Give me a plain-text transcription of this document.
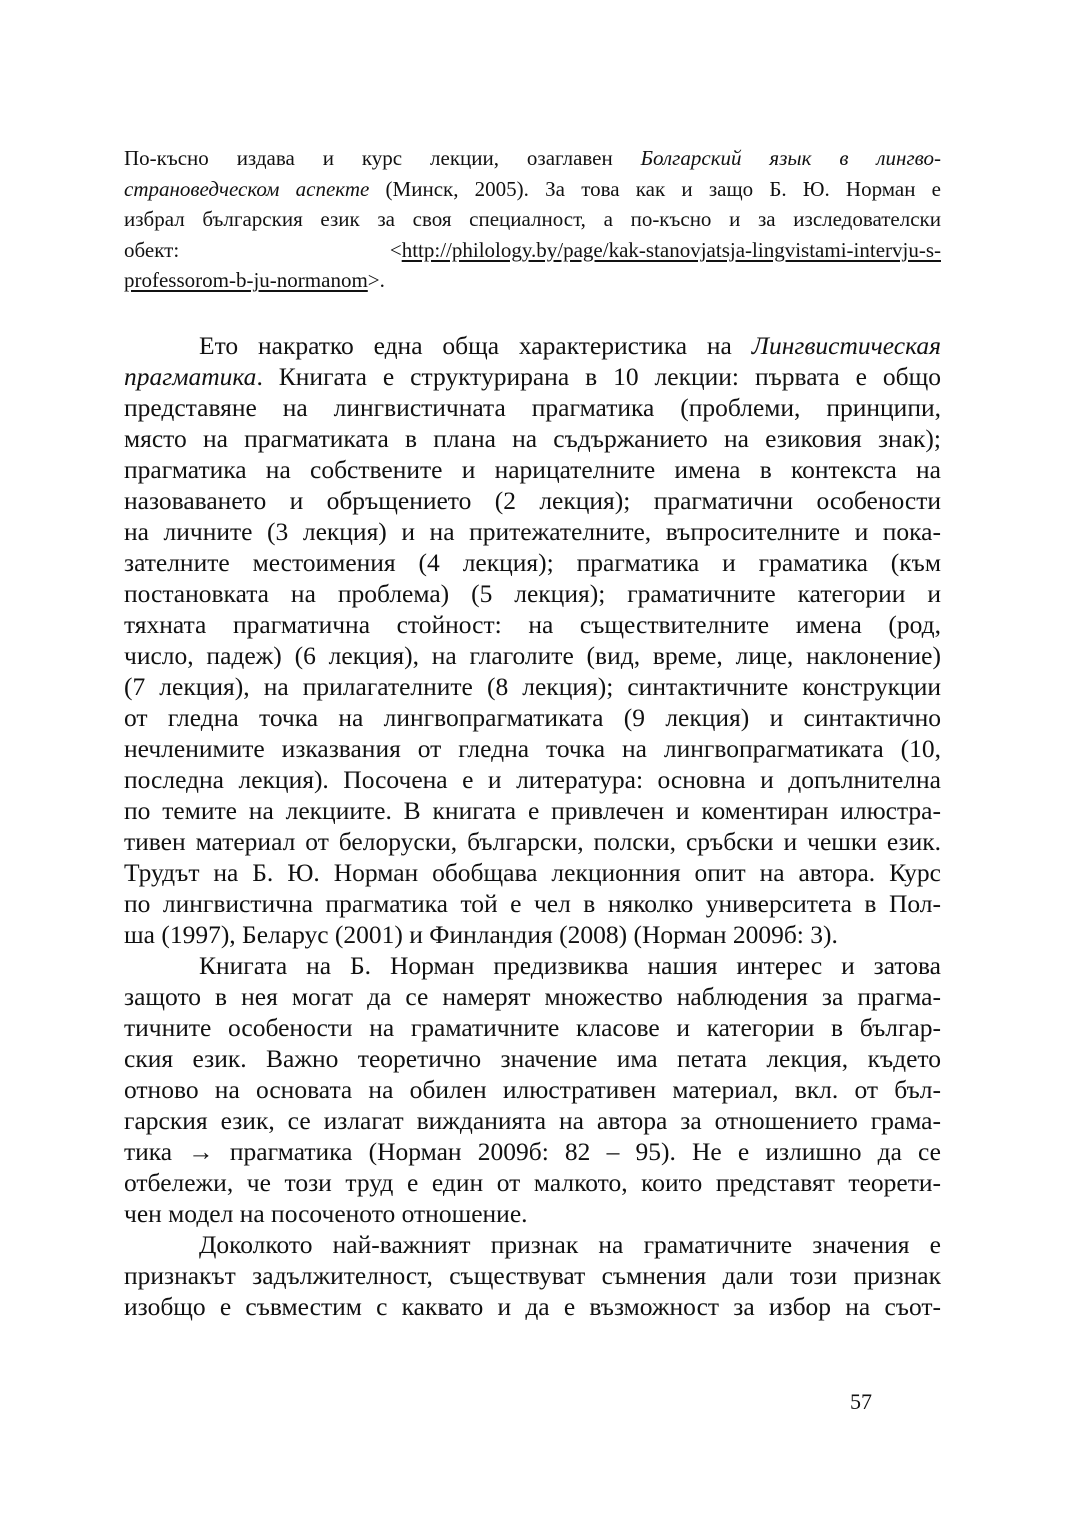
По-късно издава и курс лекции, озаглавен Болгарский язык в лингво-
страноведческом аспекте (Минск, 2005). За това как и защо Б. Ю. Норман е
избрал българския език за своя специалност, а по-късно и за изследователски
обект: <http://philology.by/page/kak-stanovjatsja-lingvistami-intervju-s-
professorom-b-ju-normanom>.
Ето накратко една обща характеристика на Лингвистическая
прагматика. Книгата е структурирана в 10 лекции: първата е общо
представяне на лингвистичната прагматика (проблеми, принципи,
място на прагматиката в плана на съдържанието на езиковия знак);
прагматика на собствените и нарицателните имена в контекста на
назоваването и обръщението (2 лекция); прагматични особености
на личните (3 лекция) и на притежателните, въпросителните и пока-
зателните местоимения (4 лекция); прагматика и граматика (към
постановката на проблема) (5 лекция); граматичните категории и
тяхната прагматична стойност: на съществителните имена (род,
число, падеж) (6 лекция), на глаголите (вид, време, лице, наклонение)
(7 лекция), на прилагателните (8 лекция); синтактичните конструкции
от гледна точка на лингвопрагматиката (9 лекция) и синтактично
нечленимите изказвания от гледна точка на лингвопрагматиката (10,
последна лекция). Посочена е и литература: основна и допълнителна
по темите на лекциите. В книгата е привлечен и коментиран илюстра-
тивен материал от белоруски, български, полски, сръбски и чешки език.
Трудът на Б. Ю. Норман обобщава лекционния опит на автора. Курс
по лингвистична прагматика той е чел в няколко университета в Пол-
ша (1997), Беларус (2001) и Финландия (2008) (Норман 2009б: 3).
Книгата на Б. Норман предизвиква нашия интерес и затова
защото в нея могат да се намерят множество наблюдения за прагма-
тичните особености на граматичните класове и категории в българ-
ския език. Важно теоретично значение има петата лекция, където
отново на основата на обилен илюстративен материал, вкл. от бъл-
гарския език, се излагат вижданията на автора за отношението грама-
тика → прагматика (Норман 2009б: 82 – 95). Не е излишно да се
отбележи, че този труд е един от малкото, които представят теорети-
чен модел на посоченото отношение.
Доколкото най-важният признак на граматичните значения е
признакът задължителност, съществуват съмнения дали този признак
изобщо е съвместим с каквато и да е възможност за избор на съот-
57
